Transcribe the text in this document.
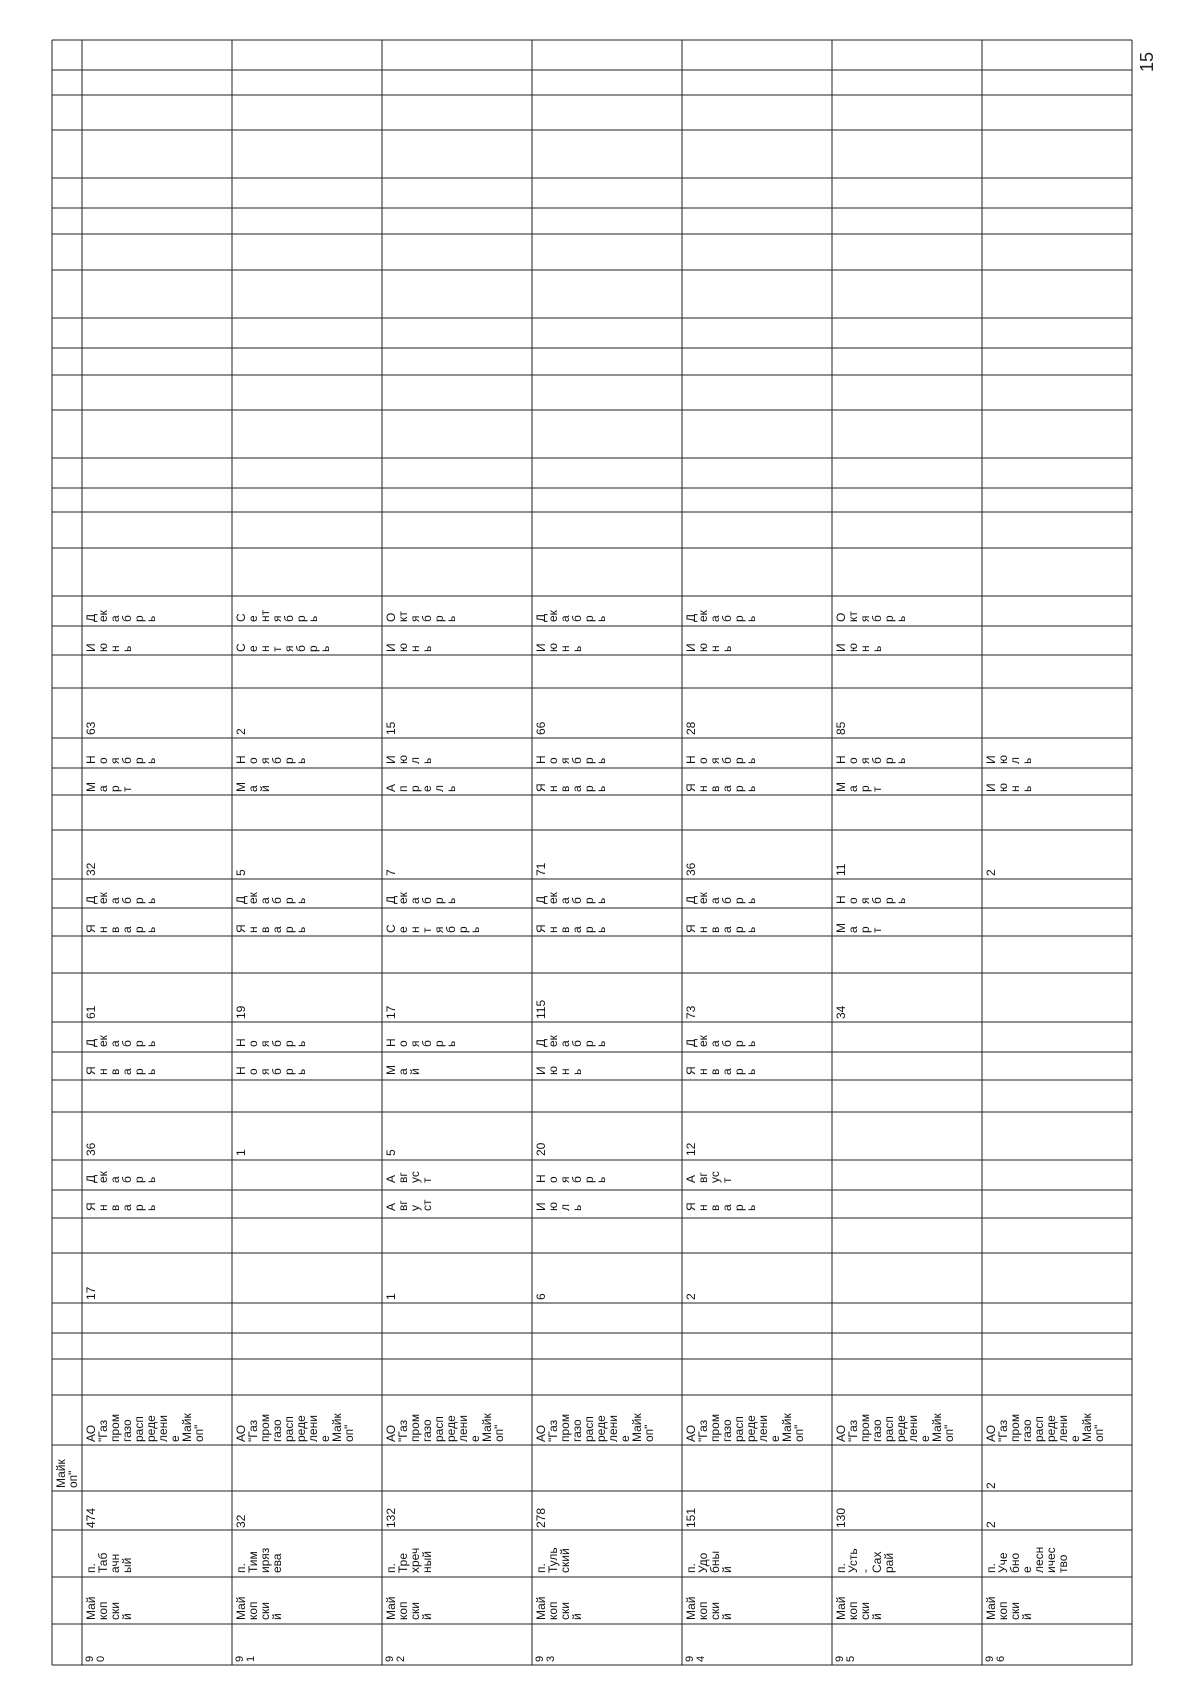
9
0
Май
коп
ски
й
п.
Таб
ачн
ый
474
АО
"Газ
пром
газо
расп
реде
лени
е
Майк
оп"
17
Я
н
в
а
р
ь
Д
ек
а
б
р
ь
36
Я
н
в
а
р
ь
Д
ек
а
б
р
ь
61
Я
н
в
а
р
ь
Д
ек
а
б
р
ь
32
М
а
р
т
Н
о
я
б
р
ь
63
И
ю
н
ь
Д
ек
а
б
р
ь
9
1
Май
коп
ски
й
п.
Тим
иряз
ева
32
АО
"Газ
пром
газо
расп
реде
лени
е
Майк
оп"
1
Н
о
я
б
р
ь
Н
о
я
б
р
ь
19
Я
н
в
а
р
ь
Д
ек
а
б
р
ь
5
М
а
й
Н
о
я
б
р
ь
2
С
е
н
т
я
б
р
ь
С
е
нт
я
б
р
ь
9
2
Май
коп
ски
й
п.
Тре
хреч
ный
132
АО
"Газ
пром
газо
расп
реде
лени
е
Майк
оп"
1
А
вг
у
ст
А
вг
ус
т
5
М
а
й
Н
о
я
б
р
ь
17
С
е
н
т
я
б
р
ь
Д
ек
а
б
р
ь
7
А
п
р
е
л
ь
И
ю
л
ь
15
И
ю
н
ь
О
кт
я
б
р
ь
9
3
Май
коп
ски
й
п.
Туль
ский
278
АО
"Газ
пром
газо
расп
реде
лени
е
Майк
оп"
6
И
ю
л
ь
Н
о
я
б
р
ь
20
И
ю
н
ь
Д
ек
а
б
р
ь
115
Я
н
в
а
р
ь
Д
ек
а
б
р
ь
71
Я
н
в
а
р
ь
Н
о
я
б
р
ь
66
И
ю
н
ь
Д
ек
а
б
р
ь
9
4
Май
коп
ски
й
п.
Удо
бны
й
151
АО
"Газ
пром
газо
расп
реде
лени
е
Майк
оп"
2
Я
н
в
а
р
ь
А
вг
ус
т
12
Я
н
в
а
р
ь
Д
ек
а
б
р
ь
73
Я
н
в
а
р
ь
Д
ек
а
б
р
ь
36
Я
н
в
а
р
ь
Н
о
я
б
р
ь
28
И
ю
н
ь
Д
ек
а
б
р
ь
9
5
Май
коп
ски
й
п.
Усть
-
Сах
рай
130
АО
"Газ
пром
газо
расп
реде
лени
е
Майк
оп"
34
М
а
р
т
Н
о
я
б
р
ь
11
М
а
р
т
Н
о
я
б
р
ь
85
И
ю
н
ь
О
кт
я
б
р
ь
9
6
Май
коп
ски
й
п.
Уче
бно
е
лесн
ичес
тво
2
2
АО
"Газ
пром
газо
расп
реде
лени
е
Майк
оп"
2
И
ю
н
ь
И
ю
л
ь
Майк
оп"
15
